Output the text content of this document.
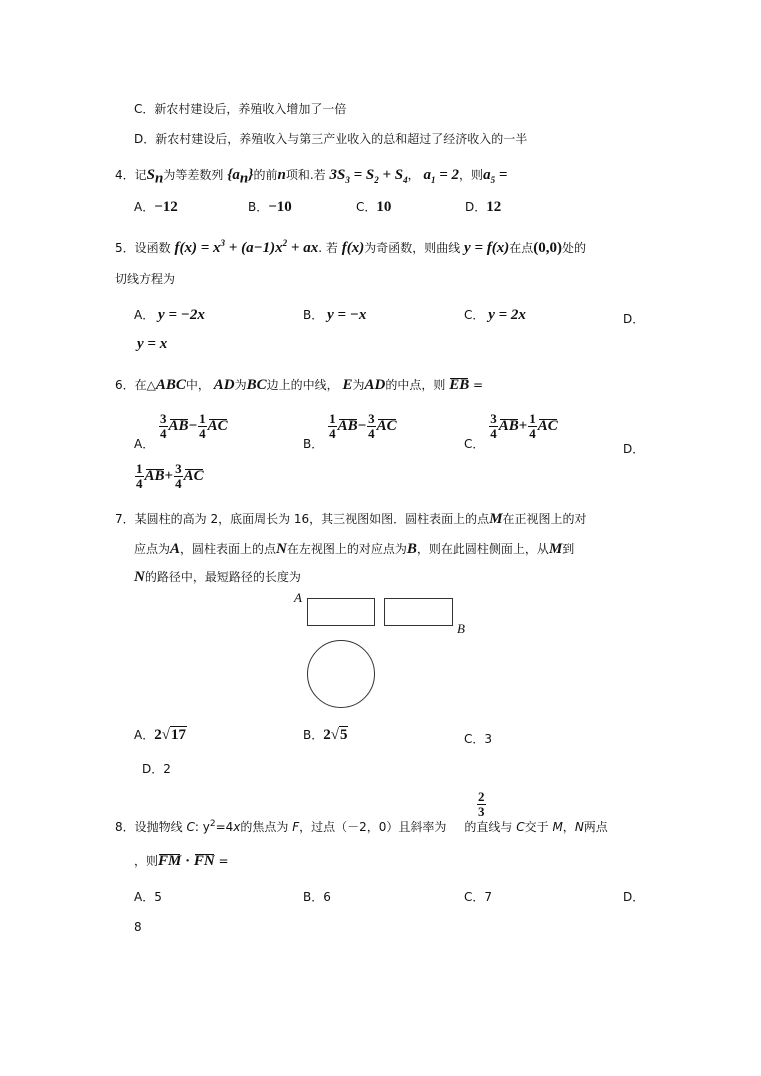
C．新农村建设后，养殖收入增加了一倍
D．新农村建设后，养殖收入与第三产业收入的总和超过了经济收入的一半
4．记$S_n$为等差数列 $\{a_n\}$的前n项和.若 $3S_3 = S_2 + S_4$， $a_1 = 2$，则$a_5$ =
A．−12	B．−10	C．10	D．12
5．设函数 $f(x) = x^3 + (a-1)x^2$ + ax. 若 f(x)为奇函数，则曲线 y = f(x)在点(0,0)处的
切线方程为
A． y = −2x	B． y = −x	C． y = 2x	D．
y = x
6．在△ABC中， AD为BC边上的中线， E为AD的中点，则 EB =
A．
$\frac{3}{4} AB- \frac{1}{4}$ AC
B．
$\frac{1}{4} AB- \frac{3}{4}$ AC
C．
$\frac{3}{4} AB+ \frac{1}{4}$ AC
D．
$\frac{1}{4} AB+ \frac{3}{4}$ AC
7．某圆柱的高为 2，底面周长为 16，其三视图如图．圆柱表面上的点M在正视图上的对
应点为A，圆柱表面上的点N在左视图上的对应点为B，则在此圆柱侧面上，从M到
N的路径中，最短路径的长度为
A
B
A．2√17	B．2√5	C．3
D．2
$\frac{2}{3}$
8．设抛物线 C: $y^2=4x$的焦点为 F，过点（－2，0）且斜率为 的直线与 C交于 M，N两点
，则FM · FN =
A．5	B．6	C．7	D．
8
